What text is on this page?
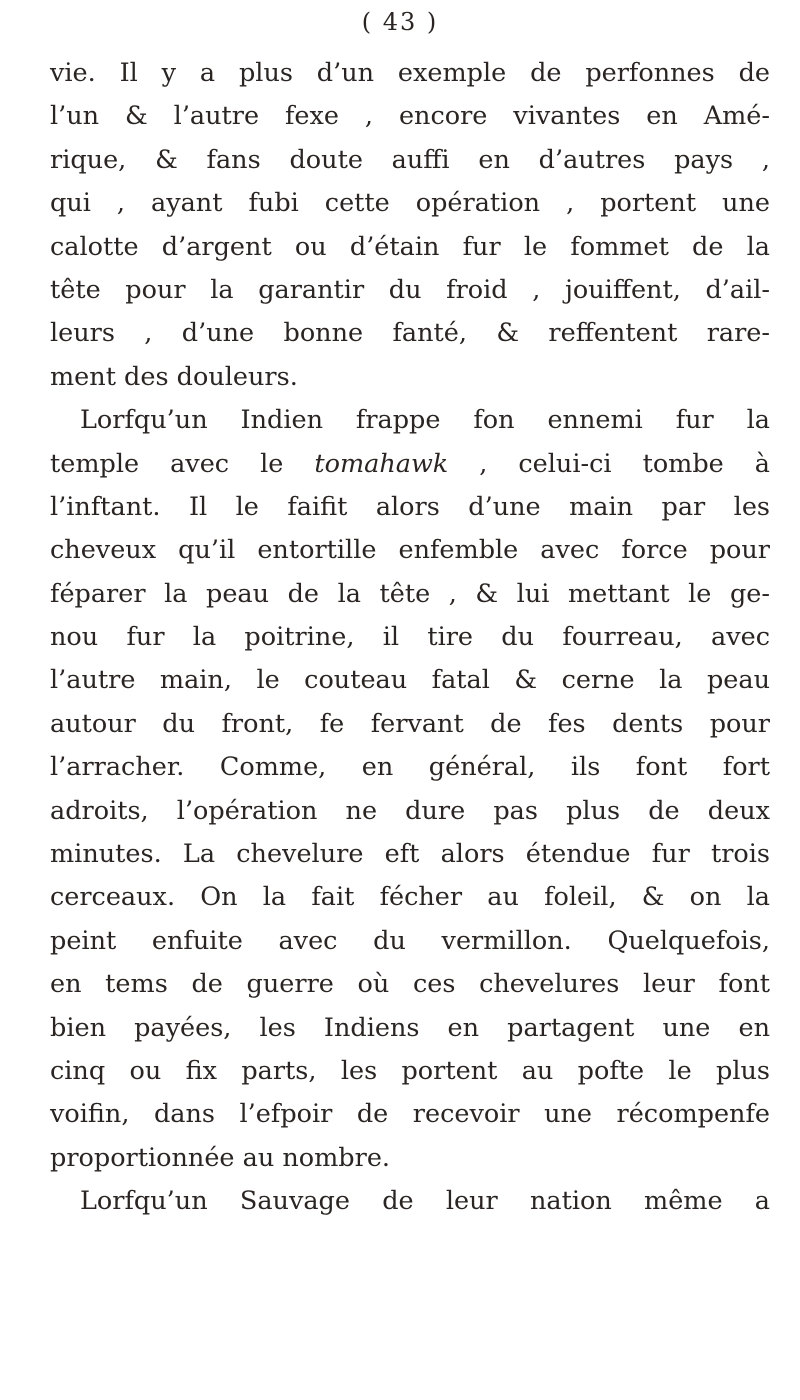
( 43 )
vie. Il y a plus d’un exemple de perfonnes de
l’un & l’autre fexe , encore vivantes en Amé-
rique, & fans doute auffi en d’autres pays ,
qui , ayant fubi cette opération , portent une
calotte d’argent ou d’étain fur le fommet de la
tête pour la garantir du froid , jouiffent, d’ail-
leurs , d’une bonne fanté, & reffentent rare-
ment des douleurs.
Lorfqu’un Indien frappe fon ennemi fur la
temple avec le tomahawk , celui-ci tombe à
l’inftant. Il le faifit alors d’une main par les
cheveux qu’il entortille enfemble avec force pour
féparer la peau de la tête , & lui mettant le ge-
nou fur la poitrine, il tire du fourreau, avec
l’autre main, le couteau fatal & cerne la peau
autour du front, fe fervant de fes dents pour
l’arracher. Comme, en général, ils font fort
adroits, l’opération ne dure pas plus de deux
minutes. La chevelure eft alors étendue fur trois
cerceaux. On la fait fécher au foleil, & on la
peint enfuite avec du vermillon. Quelquefois,
en tems de guerre où ces chevelures leur font
bien payées, les Indiens en partagent une en
cinq ou fix parts, les portent au pofte le plus
voifin, dans l’efpoir de recevoir une récompenfe
proportionnée au nombre.
Lorfqu’un Sauvage de leur nation même a
